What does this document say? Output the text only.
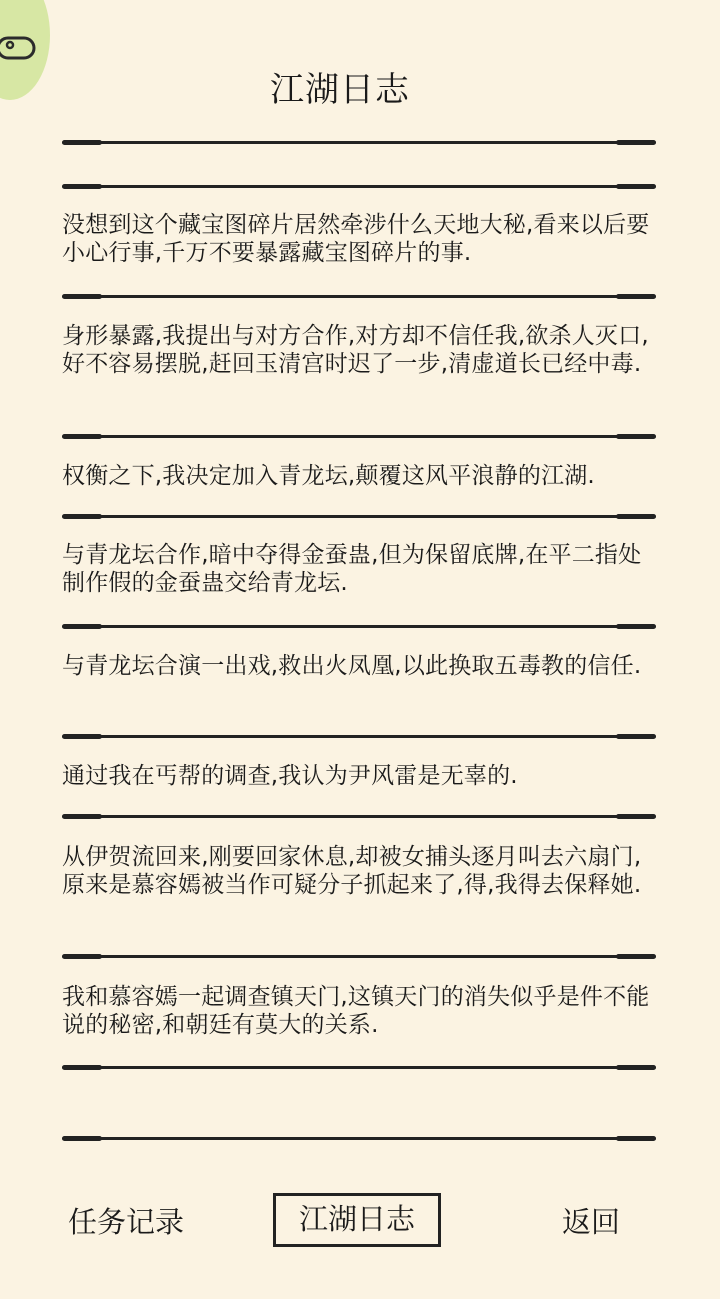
江湖日志
没想到这个藏宝图碎片居然牵涉什么天地大秘,看来以后要小心行事,千万不要暴露藏宝图碎片的事.
身形暴露,我提出与对方合作,对方却不信任我,欲杀人灭口,好不容易摆脱,赶回玉清宫时迟了一步,清虚道长已经中毒.
权衡之下,我决定加入青龙坛,颠覆这风平浪静的江湖.
与青龙坛合作,暗中夺得金蚕蛊,但为保留底牌,在平二指处制作假的金蚕蛊交给青龙坛.
与青龙坛合演一出戏,救出火凤凰,以此换取五毒教的信任.
通过我在丐帮的调查,我认为尹风雷是无辜的.
从伊贺流回来,刚要回家休息,却被女捕头逐月叫去六扇门,原来是慕容嫣被当作可疑分子抓起来了,得,我得去保释她.
我和慕容嫣一起调查镇天门,这镇天门的消失似乎是件不能说的秘密,和朝廷有莫大的关系.
任务记录	江湖日志	返回
